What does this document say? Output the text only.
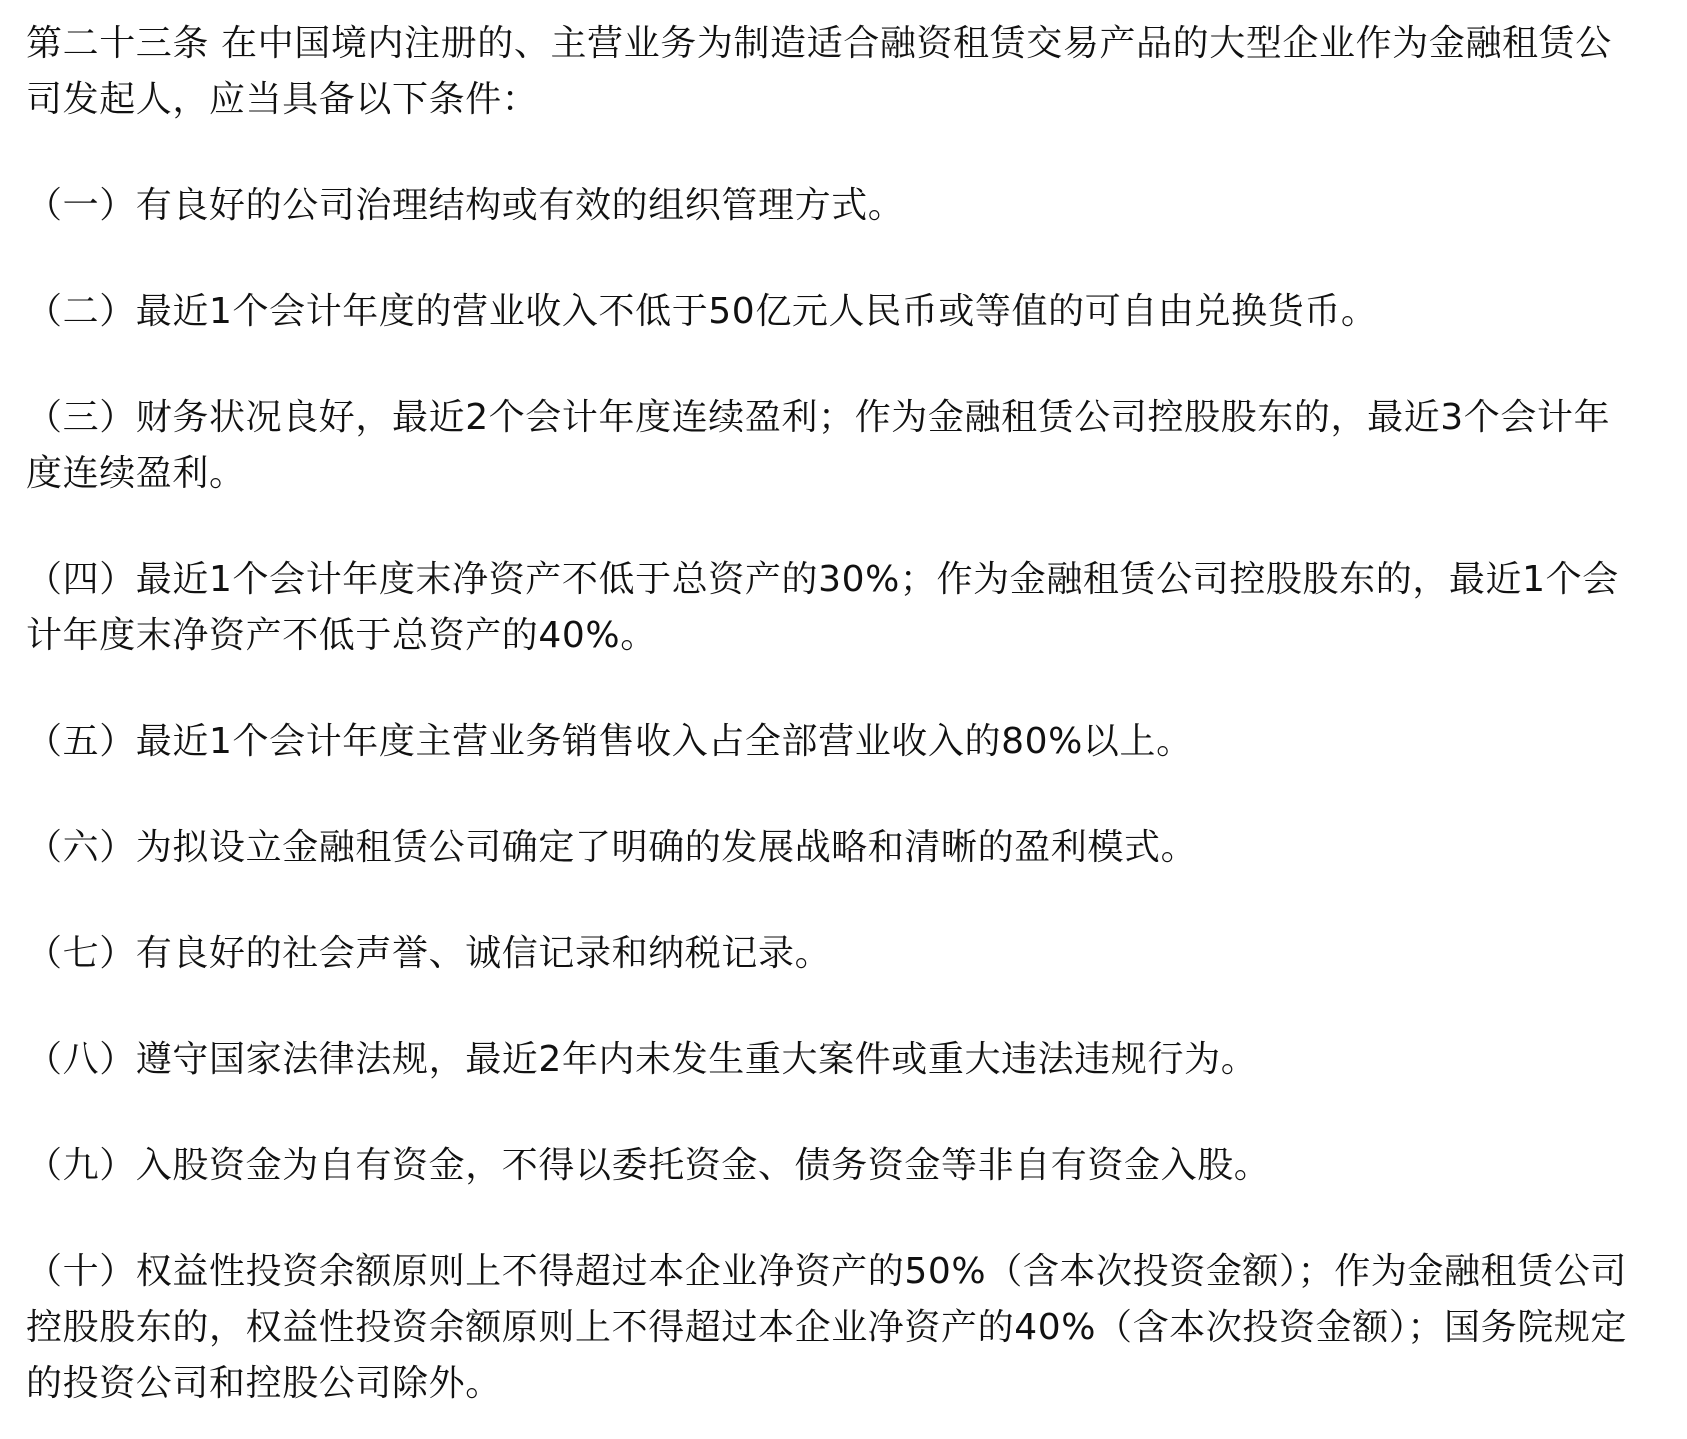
第二十三条 在中国境内注册的、主营业务为制造适合融资租赁交易产品的大型企业作为金融租赁公司发起人，应当具备以下条件：

（一）有良好的公司治理结构或有效的组织管理方式。

（二）最近1个会计年度的营业收入不低于50亿元人民币或等值的可自由兑换货币。

（三）财务状况良好，最近2个会计年度连续盈利；作为金融租赁公司控股股东的，最近3个会计年度连续盈利。

（四）最近1个会计年度末净资产不低于总资产的30%；作为金融租赁公司控股股东的，最近1个会计年度末净资产不低于总资产的40%。

（五）最近1个会计年度主营业务销售收入占全部营业收入的80%以上。

（六）为拟设立金融租赁公司确定了明确的发展战略和清晰的盈利模式。

（七）有良好的社会声誉、诚信记录和纳税记录。

（八）遵守国家法律法规，最近2年内未发生重大案件或重大违法违规行为。

（九）入股资金为自有资金，不得以委托资金、债务资金等非自有资金入股。

（十）权益性投资余额原则上不得超过本企业净资产的50%（含本次投资金额）；作为金融租赁公司控股股东的，权益性投资余额原则上不得超过本企业净资产的40%（含本次投资金额）；国务院规定的投资公司和控股公司除外。
